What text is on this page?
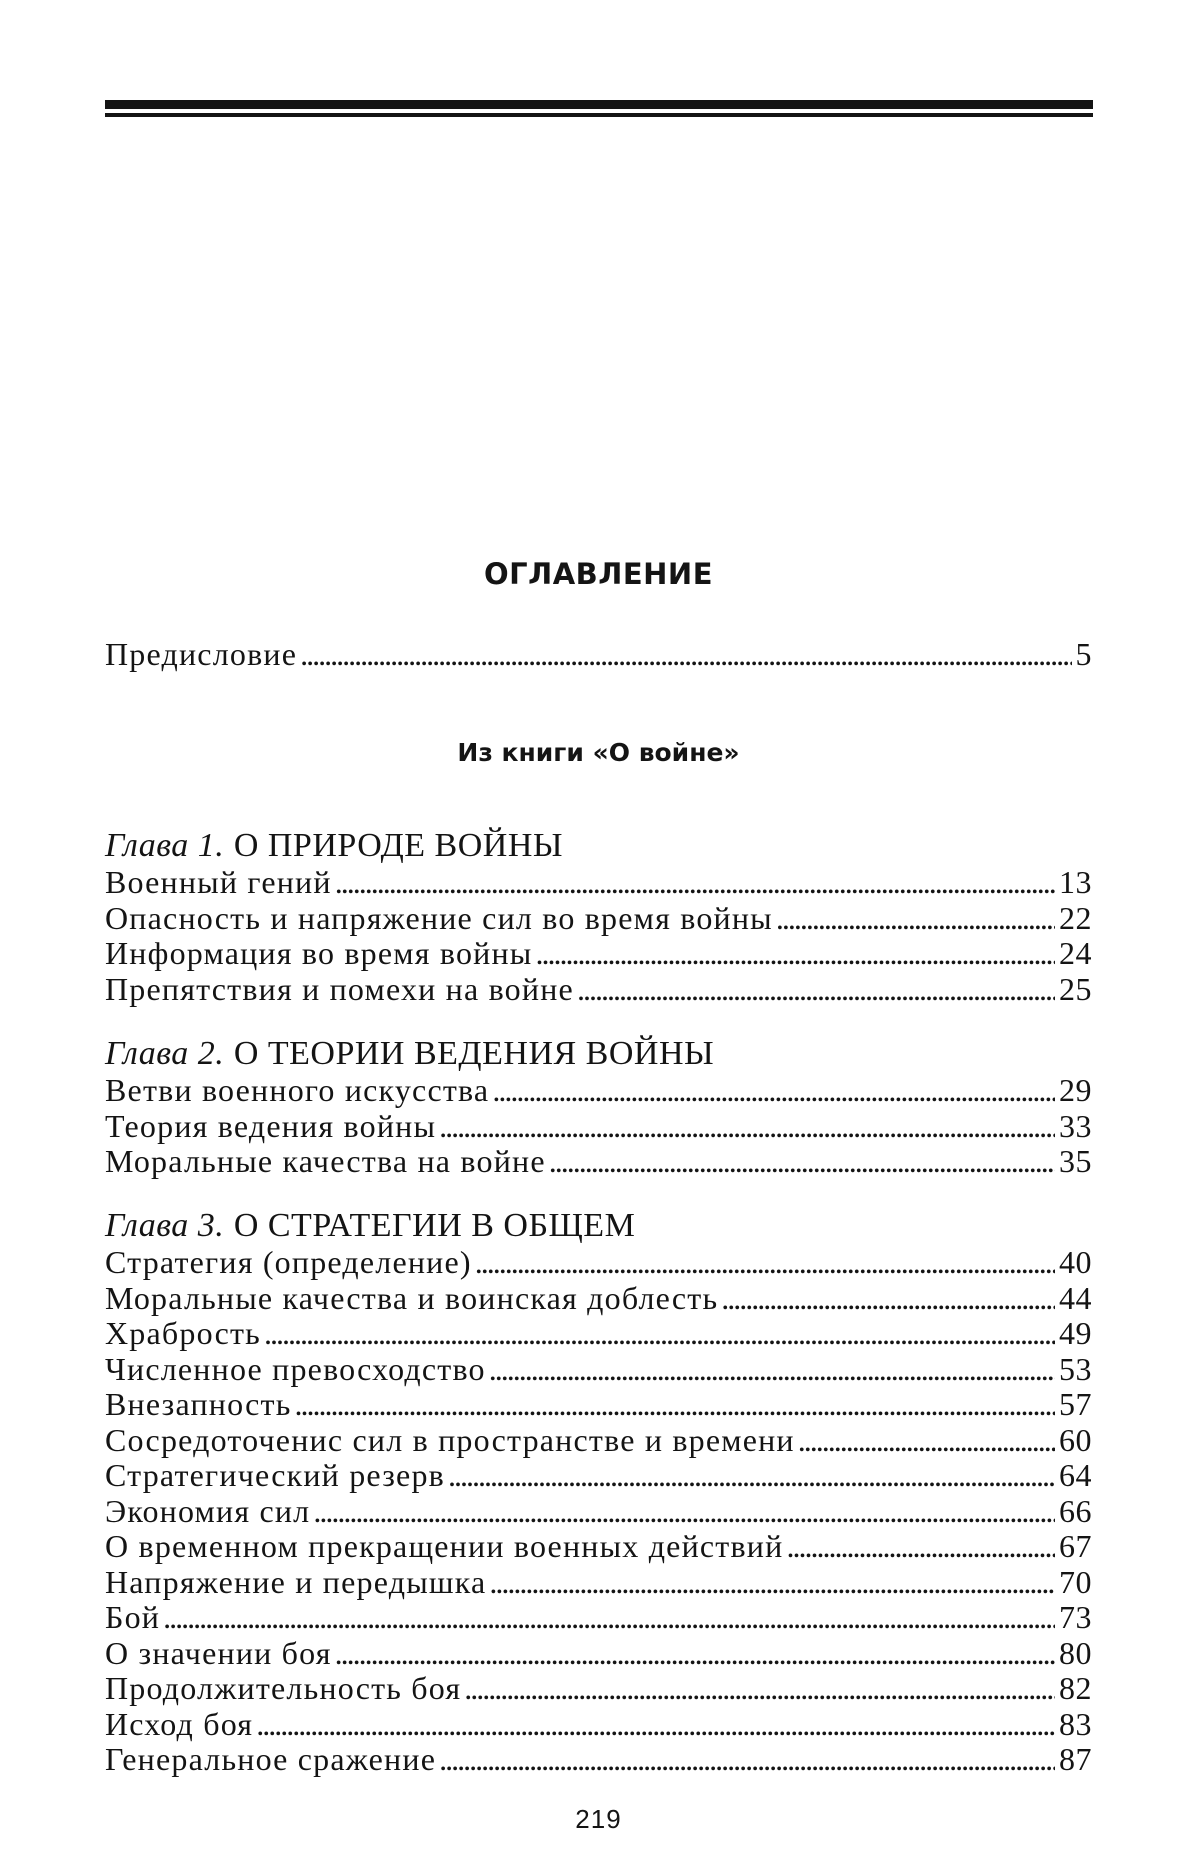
ОГЛАВЛЕНИЕ
Предисловие .....	5
Из книги «О войне»
Глава 1. О ПРИРОДЕ ВОЙНЫ
Военный гений .....	13
Опасность и напряжение сил во время войны .....	22
Информация во время войны .....	24
Препятствия и помехи на войне .....	25
Глава 2. О ТЕОРИИ ВЕДЕНИЯ ВОЙНЫ
Ветви военного искусства .....	29
Теория ведения войны .....	33
Моральные качества на войне .....	35
Глава 3. О СТРАТЕГИИ В ОБЩЕМ
Стратегия (определение) .....	40
Моральные качества и воинская доблесть .....	44
Храбрость .....	49
Численное превосходство .....	53
Внезапность .....	57
Сосредоточенис сил в пространстве и времени .....	60
Стратегический резерв .....	64
Экономия сил .....	66
О временном прекращении военных действий .....	67
Напряжение и передышка .....	70
Бой .....	73
О значении боя .....	80
Продолжительность боя .....	82
Исход боя .....	83
Генеральное сражение .....	87
219
